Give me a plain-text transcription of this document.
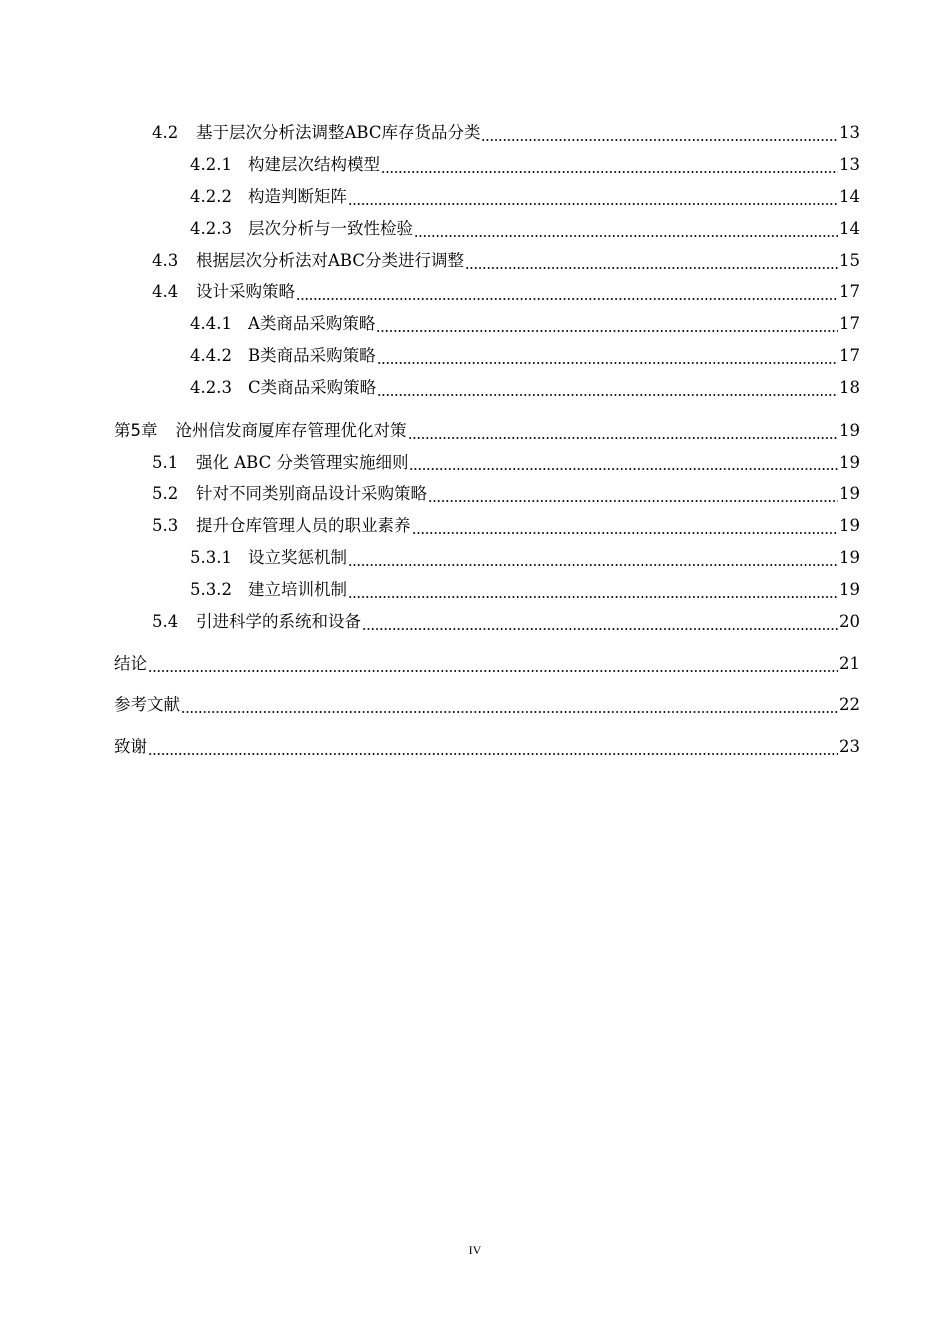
4.2	基于层次分析法调整ABC库存货品分类	13
4.2.1 构建层次结构模型	13
4.2.2 构造判断矩阵	14
4.2.3 层次分析与一致性检验	14
4.3	根据层次分析法对ABC分类进行调整	15
4.4	设计采购策略	17
4.4.1 A类商品采购策略	17
4.4.2 B类商品采购策略	17
4.2.3 C类商品采购策略	18
第5章 沧州信发商厦库存管理优化对策	19
5.1	强化 ABC 分类管理实施细则	19
5.2	针对不同类别商品设计采购策略	19
5.3	提升仓库管理人员的职业素养	19
5.3.1 设立奖惩机制	19
5.3.2 建立培训机制	19
5.4	引进科学的系统和设备	20
结论	21
参考文献	22
致谢	23
IV
